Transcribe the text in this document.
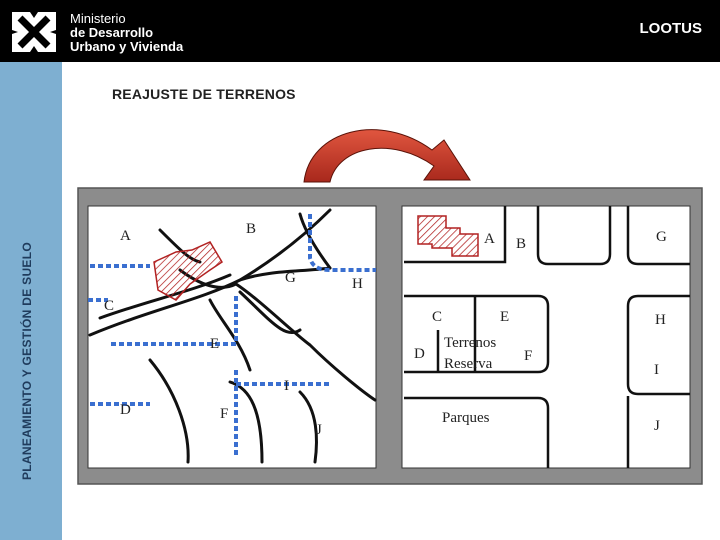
Ministerio
de Desarrollo
Urbano y Vivienda
LOOTUS
PLANEAMIENTO Y GESTIÓN DE SUELO
REAJUSTE DE TERRENOS
A	B
C
D
E
F
G	H
I
J
A B
C
D
E
F
G
H
I
J
Terrenos
Reserva
Parques
